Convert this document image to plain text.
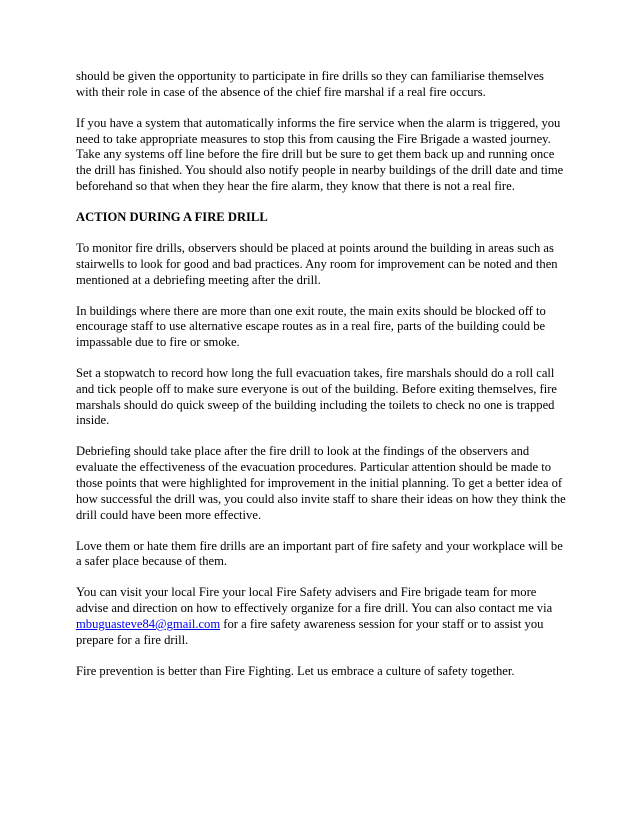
should be given the opportunity to participate in fire drills so they can familiarise themselves with their role in case of the absence of the chief fire marshal if a real fire occurs.

If you have a system that automatically informs the fire service when the alarm is triggered, you need to take appropriate measures to stop this from causing the Fire Brigade a wasted journey. Take any systems off line before the fire drill but be sure to get them back up and running once the drill has finished. You should also notify people in nearby buildings of the drill date and time beforehand so that when they hear the fire alarm, they know that there is not a real fire.

ACTION DURING A FIRE DRILL

To monitor fire drills, observers should be placed at points around the building in areas such as stairwells to look for good and bad practices. Any room for improvement can be noted and then mentioned at a debriefing meeting after the drill.

In buildings where there are more than one exit route, the main exits should be blocked off to encourage staff to use alternative escape routes as in a real fire, parts of the building could be impassable due to fire or smoke.

Set a stopwatch to record how long the full evacuation takes, fire marshals should do a roll call and tick people off to make sure everyone is out of the building. Before exiting themselves, fire marshals should do quick sweep of the building including the toilets to check no one is trapped inside.

Debriefing should take place after the fire drill to look at the findings of the observers and evaluate the effectiveness of the evacuation procedures. Particular attention should be made to those points that were highlighted for improvement in the initial planning. To get a better idea of how successful the drill was, you could also invite staff to share their ideas on how they think the drill could have been more effective.

Love them or hate them fire drills are an important part of fire safety and your workplace will be a safer place because of them.

You can visit your local Fire your local Fire Safety advisers and Fire brigade team for more advise and direction on how to effectively organize for a fire drill. You can also contact me via mbuguasteve84@gmail.com for a fire safety awareness session for your staff or to assist you prepare for a fire drill.

Fire prevention is better than Fire Fighting. Let us embrace a culture of safety together.
